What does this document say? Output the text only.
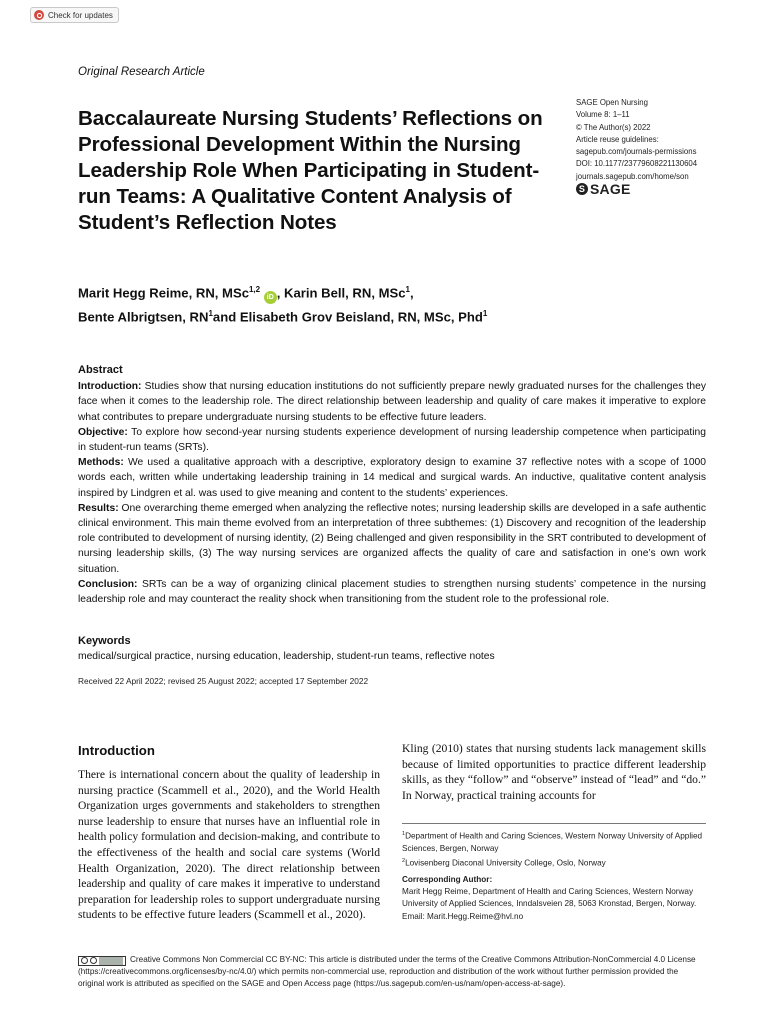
Check for updates
Original Research Article
Baccalaureate Nursing Students’ Reflections on Professional Development Within the Nursing Leadership Role When Participating in Student-run Teams: A Qualitative Content Analysis of Student’s Reflection Notes
SAGE Open Nursing
Volume 8: 1–11
© The Author(s) 2022
Article reuse guidelines:
sagepub.com/journals-permissions
DOI: 10.1177/23779608221130604
journals.sagepub.com/home/son
S SAGE
Marit Hegg Reime, RN, MSc$^{1,2}$ iD , Karin Bell, RN, MSc$^1$,
Bente Albrigtsen, $RN^1and$ Elisabeth Grov Beisland, RN, MSc, Phd$^1$
Abstract

Introduction: Studies show that nursing education institutions do not sufficiently prepare newly graduated nurses for the challenges they face when it comes to the leadership role. The direct relationship between leadership and quality of care makes it imperative to explore what contributes to prepare undergraduate nursing students to be effective future leaders.

Objective: To explore how second-year nursing students experience development of nursing leadership competence when participating in student-run teams (SRTs).

Methods: We used a qualitative approach with a descriptive, exploratory design to examine 37 reflective notes with a scope of 1000 words each, written while undertaking leadership training in 14 medical and surgical wards. An inductive, qualitative content analysis inspired by Lindgren et al. was used to give meaning and content to the students’ experiences.

Results: One overarching theme emerged when analyzing the reflective notes; nursing leadership skills are developed in a safe authentic clinical environment. This main theme evolved from an interpretation of three subthemes: (1) Discovery and recognition of the leadership role contributed to development of nursing identity, (2) Being challenged and given responsibility in the SRT contributed to development of nursing leadership skills, (3) The way nursing services are organized affects the quality of care and satisfaction in one’s own work situation.

Conclusion: SRTs can be a way of organizing clinical placement studies to strengthen nursing students’ competence in the nursing leadership role and may counteract the reality shock when transitioning from the student role to the professional role.

Keywords
medical/surgical practice, nursing education, leadership, student-run teams, reflective notes
Received 22 April 2022; revised 25 August 2022; accepted 17 September 2022
Introduction
There is international concern about the quality of leadership in nursing practice (Scammell et al., 2020), and the World Health Organization urges governments and stakeholders to strengthen nurse leadership to ensure that nurses have an influential role in health policy formulation and decision-making, and contribute to the effectiveness of the health and social care systems (World Health Organization, 2020). The direct relationship between leadership and quality of care makes it imperative to understand preparation for leadership roles to support undergraduate nursing students to be effective future leaders (Scammell et al., 2020).
Kling (2010) states that nursing students lack management skills because of limited opportunities to practice different leadership skills, as they “follow” and “observe” instead of “lead” and “do.” In Norway, practical training accounts for
$^1$Department of Health and Caring Sciences, Western Norway University of Applied Sciences, Bergen, Norway
$^2$Lovisenberg Diaconal University College, Oslo, Norway
Corresponding Author:
Marit Hegg Reime, Department of Health and Caring Sciences, Western Norway University of Applied Sciences, Inndalsveien 28, 5063 Kronstad, Bergen, Norway.
Email: Marit.Hegg.Reime@hvl.no
Creative Commons Non Commercial CC BY-NC: This article is distributed under the terms of the Creative Commons Attribution-NonCommercial 4.0 License (https://creativecommons.org/licenses/by-nc/4.0/) which permits non-commercial use, reproduction and distribution of the work without further permission provided the original work is attributed as specified on the SAGE and Open Access page (https://us.sagepub.com/en-us/nam/open-access-at-sage).
